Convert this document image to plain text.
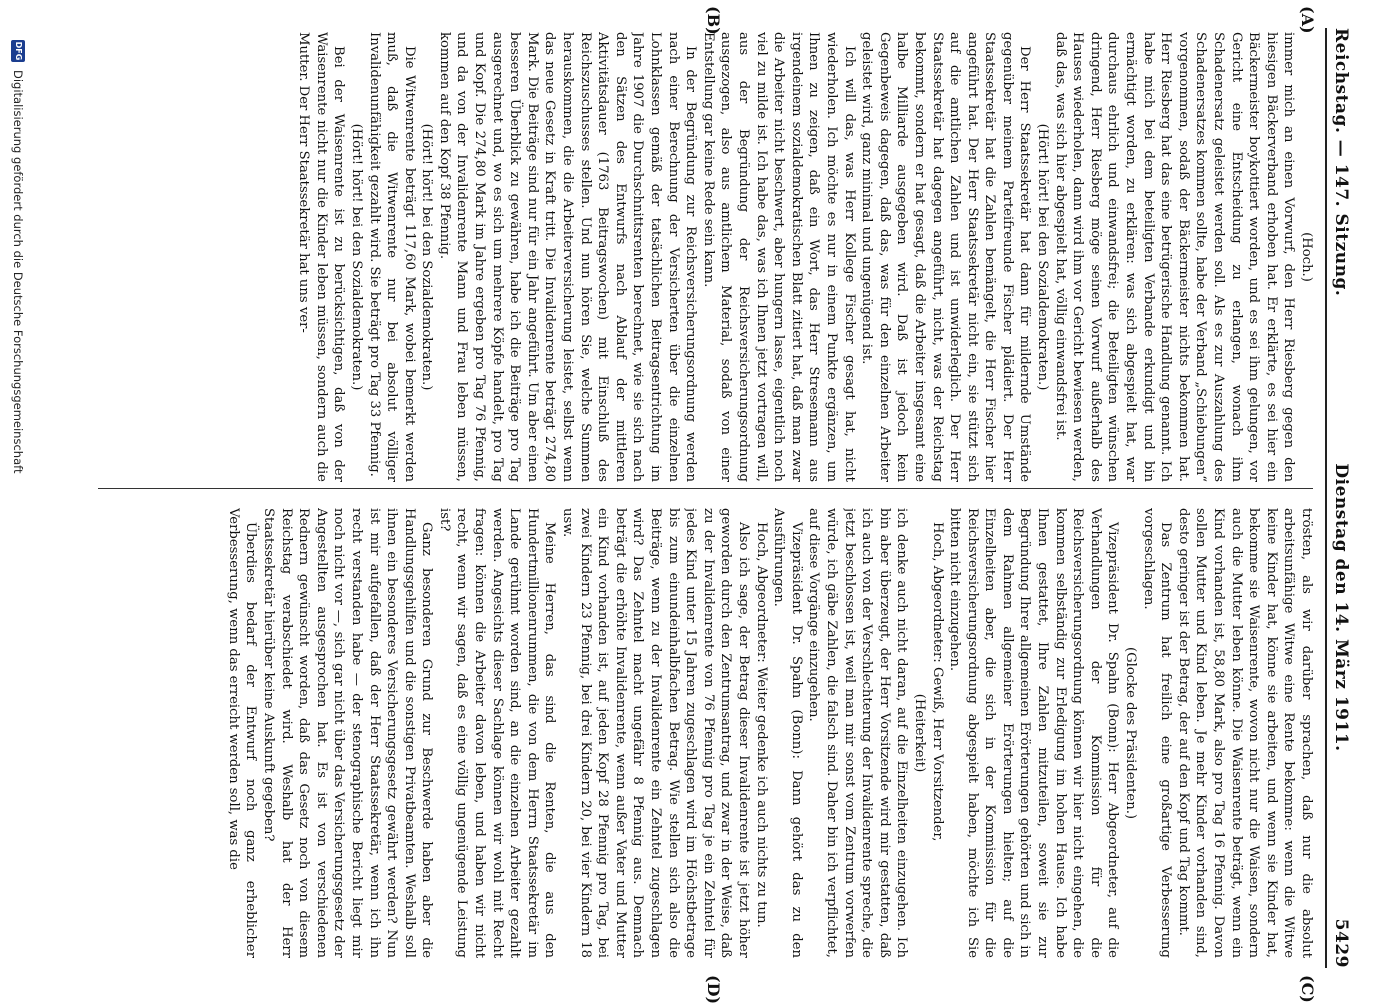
Reichstag. — 147. Sitzung.
Dienstag den 14. März 1911.
5429
(A)
(B)
(C)
(D)

(Hoch.)

immer mich an einen Vorwurf, den Herr Riesberg gegen den hiesigen Bäckerverband erhoben hat. Er erklärte, es sei hier ein Bäckermeister boykottiert worden, und es sei ihm gelungen, vor Gericht eine Entscheidung zu erlangen, wonach ihm Schadenersatz geleistet werden soll. Als es zur Auszahlung des Schadenersatzes kommen sollte, habe der Verband „Schiebungen“ vorgenommen, sodaß der Bäckermeister nichts bekommen hat. Herr Riesberg hat das eine betrügerische Handlung genannt. Ich habe mich bei dem beteiligten Verbande erkundigt und bin ermächtigt worden, zu erklären: was sich abgespielt hat, war durchaus ehrlich und einwandsfrei; die Beteiligten wünschen dringend, Herr Riesberg möge seinen Vorwurf außerhalb des Hauses wiederholen, dann wird ihm vor Gericht bewiesen werden, daß das, was sich hier abgespielt hat, völlig einwandsfrei ist.

(Hört! hört! bei den Sozialdemokraten.)

Der Herr Staatssekretär hat dann für mildernde Umstände gegenüber meinem Parteifreunde Fischer plädiert. Der Herr Staatssekretär hat die Zahlen bemängelt, die Herr Fischer hier angeführt hat. Der Herr Staatssekretär nicht ein, sie stützt sich auf die amtlichen Zahlen und ist unwiderleglich. Der Herr Staatssekretär hat dagegen angeführt, nicht, was der Reichstag bekommt, sondern er hat gesagt, daß die Arbeiter insgesamt eine halbe Milliarde ausgegeben wird. Daß ist jedoch kein Gegenbeweis dagegen, daß das, was für den einzelnen Arbeiter geleistet wird, ganz minimal und ungenügend ist.

Ich will das, was Herr Kollege Fischer gesagt hat, nicht wiederholen. Ich möchte es nur in einem Punkte ergänzen, um Ihnen zu zeigen, daß ein Wort, das Herr Stresemann aus irgendeinem sozialdemokratischen Blatt zitiert hat, daß man zwar die Arbeiter nicht beschwert, aber hungern lasse, eigentlich noch viel zu milde ist. Ich habe das, was ich Ihnen jetzt vortragen will, aus der Begründung der Reichsversicherungsordnung ausgezogen, also aus amtlichem Material, sodaß von einer Entstellung gar keine Rede sein kann.

In der Begründung zur Reichsversicherungsordnung werden nach einer Berechnung der Versicherten über die einzelnen Lohnklassen gemäß der tatsächlichen Beitragsentrichtung im Jahre 1907 die Durchschnittsrenten berechnet, wie sie sich nach den Sätzen des Entwurfs nach Ablauf der mittleren Aktivitätsdauer (1763 Beitragswochen) mit Einschluß des Reichszuschusses stellen. Und nun hören Sie, welche Summen herauskommen, die die Arbeiterversicherung leistet, selbst wenn das neue Gesetz in Kraft tritt. Die Invalidenrente beträgt 274,80 Mark. Die Beiträge sind nur für ein Jahr angeführt. Um aber einen besseren Überblick zu gewähren, habe ich die Beiträge pro Tag ausgerechnet und, wo es sich um mehrere Köpfe handelt, pro Tag und Kopf. Die 274,80 Mark im Jahre ergeben pro Tag 76 Pfennig, und da von der Invalidenrente Mann und Frau leben müssen, kommen auf den Kopf 38 Pfennig.

(Hört! hört! bei den Sozialdemokraten.)

Die Witwenrente beträgt 117,60 Mark, wobei bemerkt werden muß, daß die Witwenrente nur bei absolut völliger Invalidenunfähigkeit gezahlt wird. Sie beträgt pro Tag 33 Pfennig.

(Hört! hört! bei den Sozialdemokraten.)

Bei der Waisenrente ist zu berücksichtigen, daß von der Waisenrente nicht nur die Kinder leben müssen, sondern auch die Mutter. Der Herr Staatssekretär hat uns ver-

trösten, als wir darüber sprachen, daß nur die absolut arbeitsunfähige Witwe eine Rente bekomme: wenn die Witwe keine Kinder hat, könne sie arbeiten, und wenn sie Kinder hat, bekomme sie Waisenrente, wovon nicht nur die Waisen, sondern auch die Mutter leben könne. Die Waisenrente beträgt, wenn ein Kind vorhanden ist, 58,80 Mark, also pro Tag 16 Pfennig. Davon sollen Mutter und Kind leben. Je mehr Kinder vorhanden sind, desto geringer ist der Betrag, der auf den Kopf und Tag kommt.

Das Zentrum hat freilich eine großartige Verbesserung vorgeschlagen.

(Glocke des Präsidenten.)

Vizepräsident Dr. Spahn (Bonn): Herr Abgeordneter, auf die Verhandlungen der Kommission für die Reichsversicherungsordnung können wir hier nicht eingehen, die kommen selbständig zur Erledigung im hohen Hause. Ich habe Ihnen gestattet, Ihre Zahlen mitzuteilen, soweit sie zur Begründung Ihrer allgemeinen Erörterungen gehörten und sich in dem Rahmen allgemeiner Erörterungen hielten; auf die Einzelheiten aber, die sich in der Kommission für die Reichsversicherungsordnung abgespielt haben, möchte ich Sie bitten nicht einzugehen.

Hoch, Abgeordneter: Gewiß, Herr Vorsitzender,

(Heiterkeit)

ich denke auch nicht daran, auf die Einzelheiten einzugehen. Ich bin aber überzeugt, der Herr Vorsitzende wird mir gestatten, daß ich auch von der Verschlechterung der Invalidenrente spreche, die jetzt beschlossen ist, weil man mir sonst vom Zentrum vorwerfen würde, ich gäbe Zahlen, die falsch sind. Daher bin ich verpflichtet, auf diese Vorgänge einzugehen.

Vizepräsident Dr. Spahn (Bonn): Dann gehört das zu den Ausführungen.

Hoch, Abgeordneter: Weiter gedenke ich auch nichts zu tun.

Also ich sage, der Betrag dieser Invalidenrente ist jetzt höher geworden durch den Zentrumsantrag, und zwar in der Weise, daß zu der Invalidenrente von 76 Pfennig pro Tag je ein Zehntel für jedes Kind unter 15 Jahren zugeschlagen wird im Höchstbetrage bis zum einundeinhalbfachen Betrag. Wie stellen sich also die Beiträge, wenn zu der Invalidenrente ein Zehntel zugeschlagen wird? Das Zehntel macht ungefähr 8 Pfennig aus. Demnach beträgt die erhöhte Invalidenrente, wenn außer Vater und Mutter ein Kind vorhanden ist, auf jeden Kopf 28 Pfennig pro Tag, bei zwei Kindern 23 Pfennig, bei drei Kindern 20, bei vier Kindern 18 usw.

Meine Herren, das sind die Renten, die aus den Hundertmillionenrummen, die von dem Herrn Staatssekretär im Lande gerühmt worden sind, an die einzelnen Arbeiter gezahlt werden. Angesichts dieser Sachlage können wir wohl mit Recht fragen: können die Arbeiter davon leben, und haben wir nicht recht, wenn wir sagen, daß es eine völlig ungenügende Leistung ist?

Ganz besonderen Grund zur Beschwerde haben aber die Handlungsgehilfen und die sonstigen Privatbeamten. Weshalb soll ihnen ein besonderes Versicherungsgesetz gewährt werden? Nun ist mir aufgefallen, daß der Herr Staatssekretär, wenn ich ihn recht verstanden habe — der stenographische Bericht liegt mir noch nicht vor —, sich gar nicht über das Versicherungsgesetz der Angestellten ausgesprochen hat. Es ist von verschiedenen Rednern gewünscht worden, daß das Gesetz noch von diesem Reichstag verabschiedet wird. Weshalb hat der Herr Staatssekretär hierüber keine Auskunft gegeben?

Überdies bedarf der Entwurf noch ganz erheblicher Verbesserung, wenn das erreicht werden soll, was die

DFG
Digitalisierung gefördert durch die Deutsche Forschungsgemeinschaft
